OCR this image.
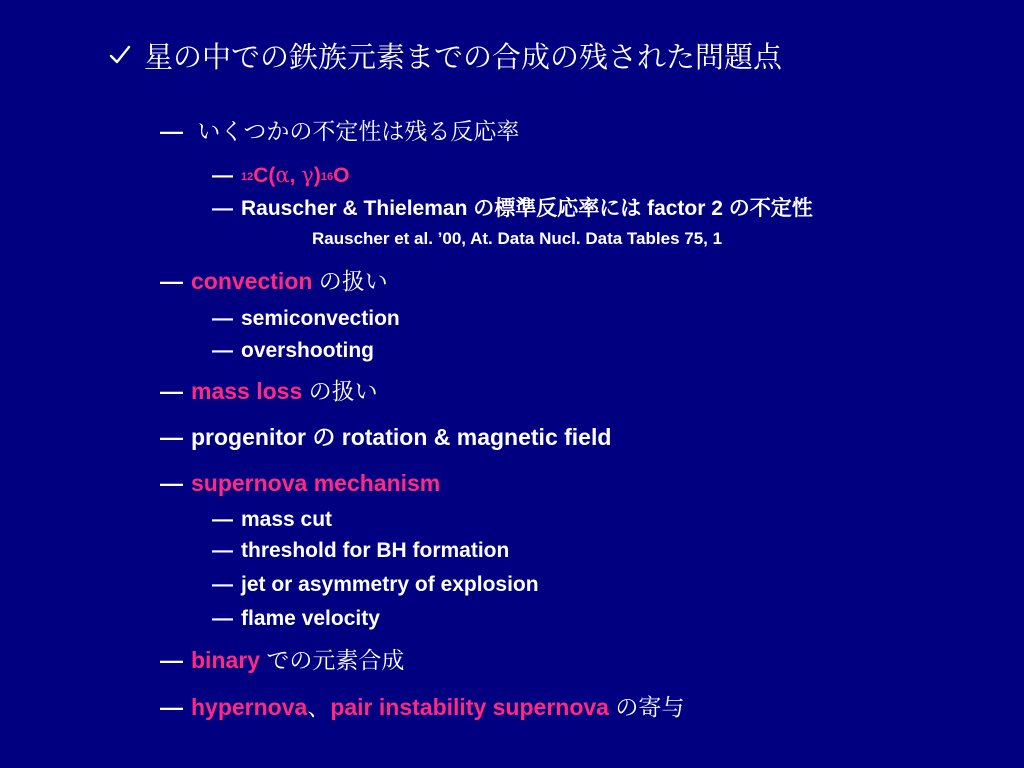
星の中での鉄族元素までの合成の残された問題点
— いくつかの不定性は残る反応率
— $^{12}$C(α, γ)$^{16}$O
— Rauscher & Thieleman の標準反応率には factor 2 の不定性
Rauscher et al. ’00, At. Data Nucl. Data Tables 75, 1
— convection の扱い
— semiconvection
— overshooting
— mass loss の扱い
— progenitor の rotation & magnetic field
— supernova mechanism
— mass cut
— threshold for BH formation
— jet or asymmetry of explosion
— flame velocity
— binary での元素合成
— hypernova、pair instability supernova の寄与
